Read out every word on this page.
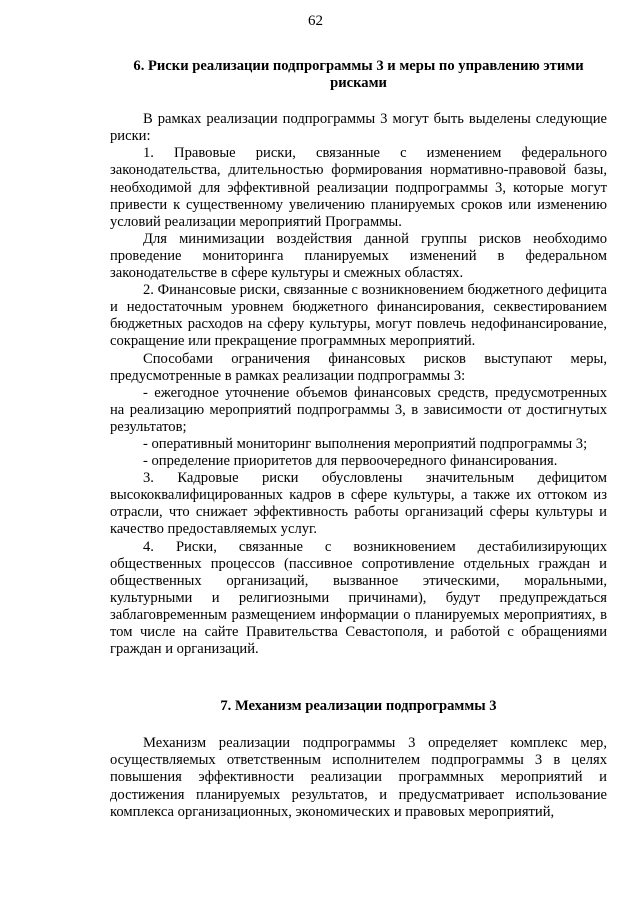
62
6. Риски реализации подпрограммы 3 и меры по управлению этими рисками

В рамках реализации подпрограммы 3 могут быть выделены следующие риски:

1. Правовые риски, связанные с изменением федерального законодательства, длительностью формирования нормативно-правовой базы, необходимой для эффективной реализации подпрограммы 3, которые могут привести к существенному увеличению планируемых сроков или изменению условий реализации мероприятий Программы.

Для минимизации воздействия данной группы рисков необходимо проведение мониторинга планируемых изменений в федеральном законодательстве в сфере культуры и смежных областях.

2. Финансовые риски, связанные с возникновением бюджетного дефицита и недостаточным уровнем бюджетного финансирования, секвестированием бюджетных расходов на сферу культуры, могут повлечь недофинансирование, сокращение или прекращение программных мероприятий.

Способами ограничения финансовых рисков выступают меры, предусмотренные в рамках реализации подпрограммы 3:

- ежегодное уточнение объемов финансовых средств, предусмотренных на реализацию мероприятий подпрограммы 3, в зависимости от достигнутых результатов;

- оперативный мониторинг выполнения мероприятий подпрограммы 3;

- определение приоритетов для первоочередного финансирования.

3. Кадровые риски обусловлены значительным дефицитом высококвалифицированных кадров в сфере культуры, а также их оттоком из отрасли, что снижает эффективность работы организаций сферы культуры и качество предоставляемых услуг.

4. Риски, связанные с возникновением дестабилизирующих общественных процессов (пассивное сопротивление отдельных граждан и общественных организаций, вызванное этическими, моральными, культурными и религиозными причинами), будут предупреждаться заблаговременным размещением информации о планируемых мероприятиях, в том числе на сайте Правительства Севастополя, и работой с обращениями граждан и организаций.

7. Механизм реализации подпрограммы 3

Механизм реализации подпрограммы 3 определяет комплекс мер, осуществляемых ответственным исполнителем подпрограммы 3 в целях повышения эффективности реализации программных мероприятий и достижения планируемых результатов, и предусматривает использование комплекса организационных, экономических и правовых мероприятий,
